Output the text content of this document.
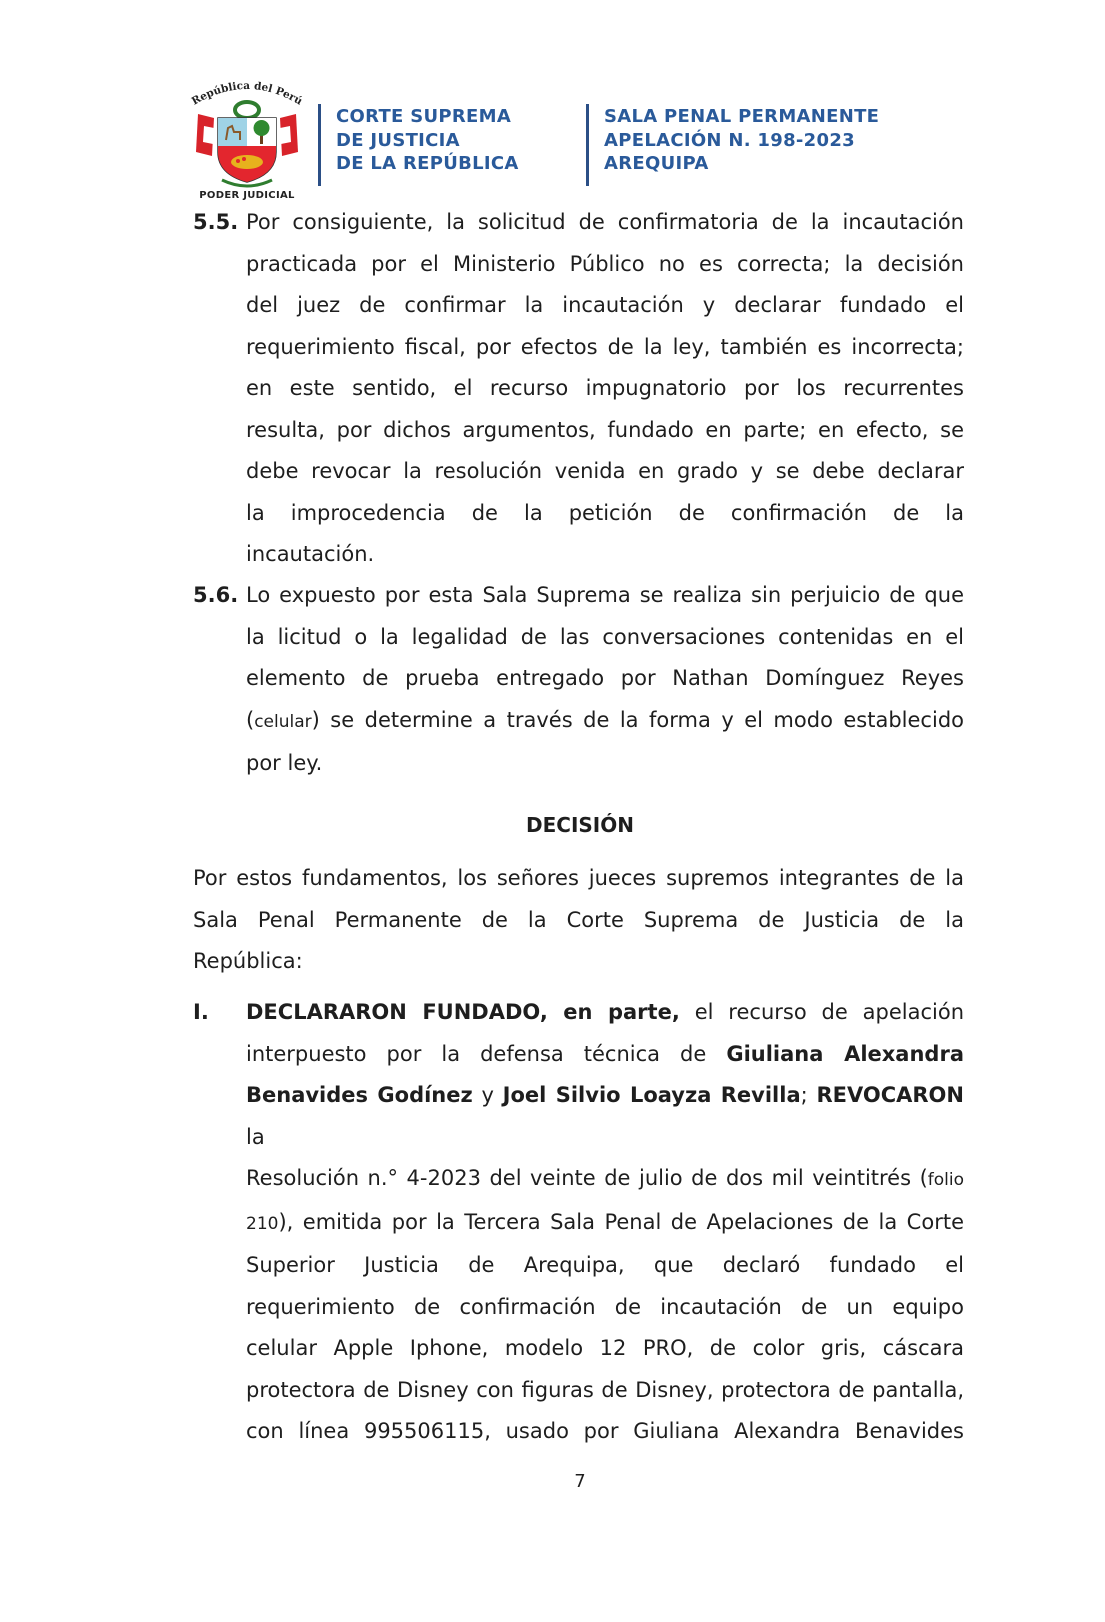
República del Perú
PODER JUDICIAL
CORTE SUPREMA
DE JUSTICIA
DE LA REPÚBLICA
SALA PENAL PERMANENTE
APELACIÓN N. 198-2023
AREQUIPA
5.5. Por consiguiente, la solicitud de confirmatoria de la incautación
practicada por el Ministerio Público no es correcta; la decisión
del juez de confirmar la incautación y declarar fundado el
requerimiento fiscal, por efectos de la ley, también es incorrecta;
en este sentido, el recurso impugnatorio por los recurrentes
resulta, por dichos argumentos, fundado en parte; en efecto, se
debe revocar la resolución venida en grado y se debe declarar
la improcedencia de la petición de confirmación de la
incautación.
5.6. Lo expuesto por esta Sala Suprema se realiza sin perjuicio de que
la licitud o la legalidad de las conversaciones contenidas en el
elemento de prueba entregado por Nathan Domínguez Reyes
(celular) se determine a través de la forma y el modo establecido
por ley.
DECISIÓN
Por estos fundamentos, los señores jueces supremos integrantes de la
Sala Penal Permanente de la Corte Suprema de Justicia de la
República:
I. DECLARARON FUNDADO, en parte, el recurso de apelación
interpuesto por la defensa técnica de Giuliana Alexandra
Benavides Godínez y Joel Silvio Loayza Revilla; REVOCARON la
Resolución n.° 4-2023 del veinte de julio de dos mil veintitrés (folio
210), emitida por la Tercera Sala Penal de Apelaciones de la Corte
Superior Justicia de Arequipa, que declaró fundado el
requerimiento de confirmación de incautación de un equipo
celular Apple Iphone, modelo 12 PRO, de color gris, cáscara
protectora de Disney con figuras de Disney, protectora de pantalla,
con línea 995506115, usado por Giuliana Alexandra Benavides
7
